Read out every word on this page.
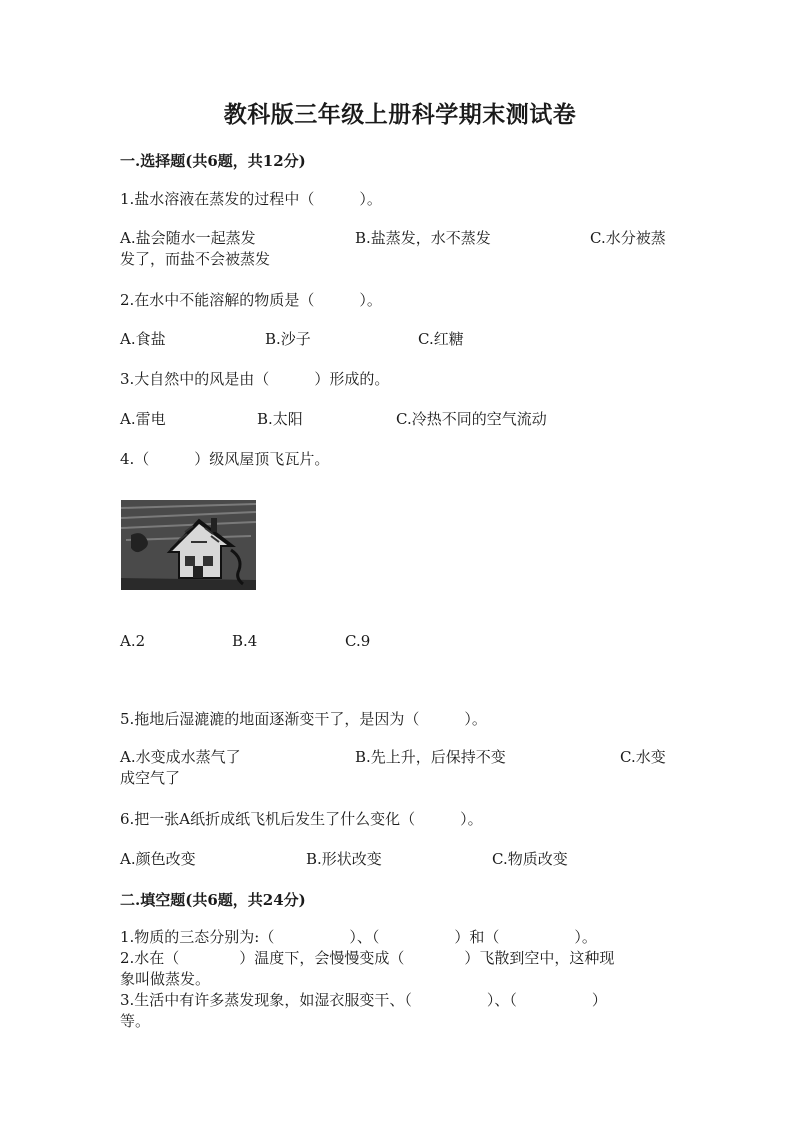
教科版三年级上册科学期末测试卷
一.选择题(共6题，共12分)
1.盐水溶液在蒸发的过程中（　　　）。
A.盐会随水一起蒸发	B.盐蒸发，水不蒸发	C.水分被蒸
发了，而盐不会被蒸发
2.在水中不能溶解的物质是（　　　）。
A.食盐	B.沙子	C.红糖
3.大自然中的风是由（　　　）形成的。
A.雷电	B.太阳	C.冷热不同的空气流动
4.（　　　）级风屋顶飞瓦片。
A.2	B.4	C.9
5.拖地后湿漉漉的地面逐渐变干了，是因为（　　　）。
A.水变成水蒸气了	B.先上升，后保持不变	C.水变
成空气了
6.把一张A纸折成纸飞机后发生了什么变化（　　　）。
A.颜色改变	B.形状改变	C.物质改变
二.填空题(共6题，共24分)
1.物质的三态分别为:（　　　　　）、（　　　　　）和（　　　　　）。
2.水在（　　　　）温度下，会慢慢变成（　　　　）飞散到空中，这种现
象叫做蒸发。
3.生活中有许多蒸发现象，如湿衣服变干、（　　　　　）、（　　　　　）
等。
